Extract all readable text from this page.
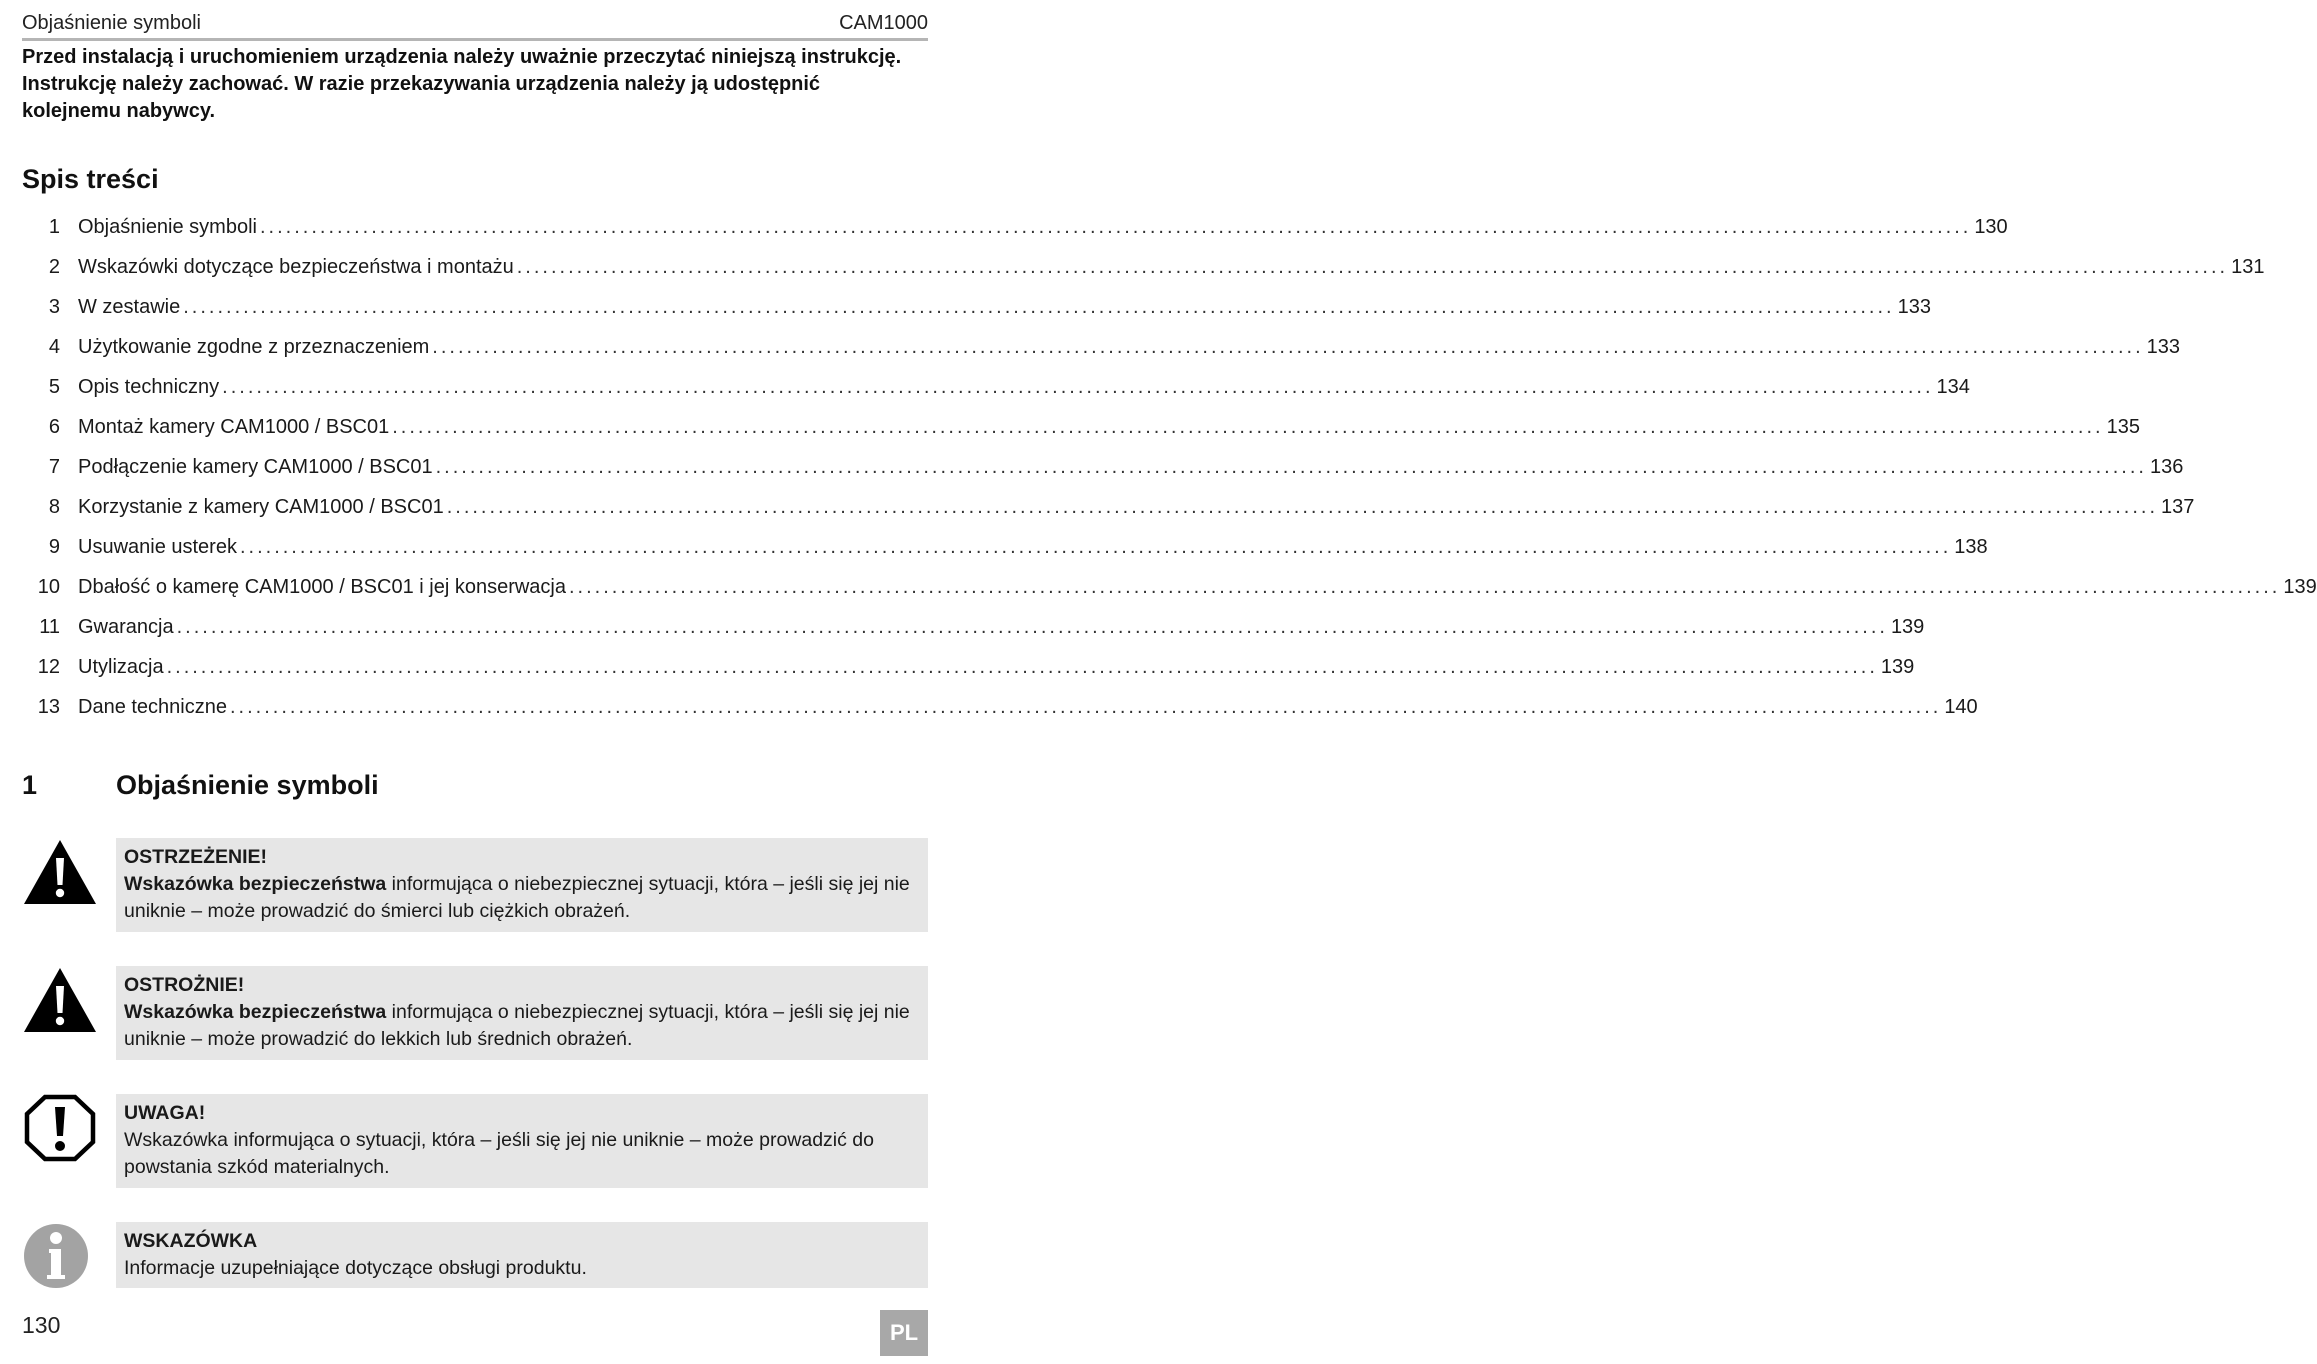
Objaśnienie symboli	CAM1000
Przed instalacją i uruchomieniem urządzenia należy uważnie przeczytać niniejszą instrukcję. Instrukcję należy zachować. W razie przekazywania urządzenia należy ją udostępnić kolejnemu nabywcy.
Spis treści
1 Objaśnienie symboli ........................................................................................................................................................................................................ 130
2 Wskazówki dotyczące bezpieczeństwa i montażu ........................................................................................................................................................................................................ 131
3 W zestawie ........................................................................................................................................................................................................ 133
4 Użytkowanie zgodne z przeznaczeniem ........................................................................................................................................................................................................ 133
5 Opis techniczny ........................................................................................................................................................................................................ 134
6 Montaż kamery CAM1000 / BSC01 ........................................................................................................................................................................................................ 135
7 Podłączenie kamery CAM1000 / BSC01 ........................................................................................................................................................................................................ 136
8 Korzystanie z kamery CAM1000 / BSC01 ........................................................................................................................................................................................................ 137
9 Usuwanie usterek ........................................................................................................................................................................................................ 138
10 Dbałość o kamerę CAM1000 / BSC01 i jej konserwacja ........................................................................................................................................................................................................ 139
11 Gwarancja ........................................................................................................................................................................................................ 139
12 Utylizacja ........................................................................................................................................................................................................ 139
13 Dane techniczne ........................................................................................................................................................................................................ 140
1	Objaśnienie symboli
OSTRZEŻENIE!
Wskazówka bezpieczeństwa informująca o niebezpiecznej sytuacji, która – jeśli się jej nie uniknie – może prowadzić do śmierci lub ciężkich obrażeń.
OSTROŻNIE!
Wskazówka bezpieczeństwa informująca o niebezpiecznej sytuacji, która – jeśli się jej nie uniknie – może prowadzić do lekkich lub średnich obrażeń.
UWAGA!
Wskazówka informująca o sytuacji, która – jeśli się jej nie uniknie – może prowadzić do powstania szkód materialnych.
WSKAZÓWKA
Informacje uzupełniające dotyczące obsługi produktu.
130	PL
